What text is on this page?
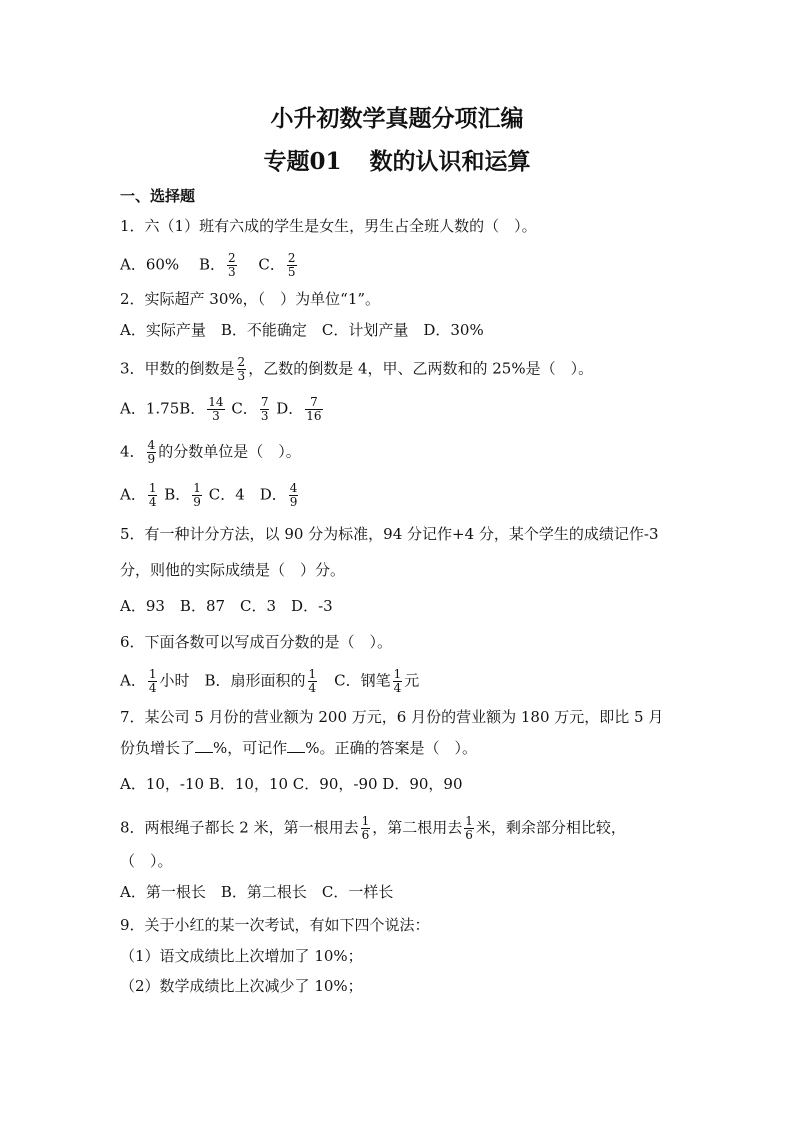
小升初数学真题分项汇编
专题01 数的认识和运算
一、选择题
1．六（1）班有六成的学生是女生，男生占全班人数的（　）。
A．60%　 B． $\frac{2}{3}$
　 C． $\frac{2}{5}$
2．实际超产 30%，（　）为单位“1”。
A．实际产量　B．不能确定　C．计划产量　D．30%
3．甲数的倒数是 $\frac{2}{3}$ ，乙数的倒数是 4，甲、乙两数和的 25%是（　）。
A．1.75B． $\frac{14}{3}$ C． $\frac{7}{3}$ D． $\frac{7}{16}$
4． $\frac{4}{9}$ 的分数单位是（　）。
A． $\frac{1}{4}$ B． $\frac{1}{9}$ C．4　D． $\frac{4}{9}$
5．有一种计分方法，以 90 分为标准，94 分记作+4 分，某个学生的成绩记作-3
分，则他的实际成绩是（　）分。
A．93　B．87　C．3　D．-3
6．下面各数可以写成百分数的是（　）。
A． $\frac{1}{4}$ 小时　B．扇形面积的 $\frac{1}{4}$ 　C．钢笔 $\frac{1}{4}$ 元
7．某公司 5 月份的营业额为 200 万元，6 月份的营业额为 180 万元，即比 5 月
份负增长了 %，可记作 %。正确的答案是（　）。
A．10，-10 B．10，10 C．90，-90 D．90，90
8．两根绳子都长 2 米，第一根用去 $\frac{1}{6}$ ，第二根用去 $\frac{1}{6}$ 米，剩余部分相比较，
（　）。
A．第一根长　B．第二根长　C．一样长
9．关于小红的某一次考试，有如下四个说法：
（1）语文成绩比上次增加了 10%；
（2）数学成绩比上次减少了 10%；
